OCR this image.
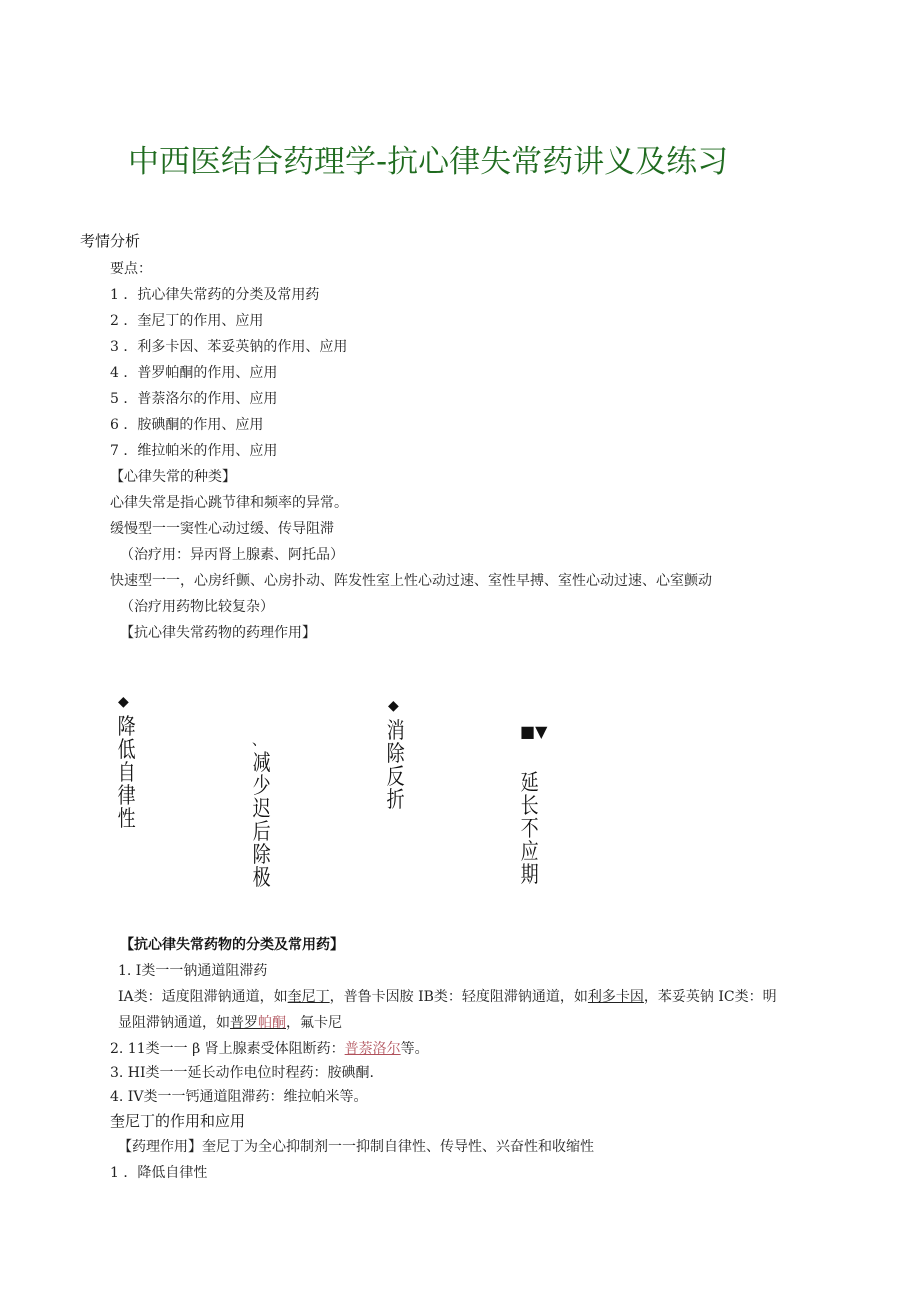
中西医结合药理学-抗心律失常药讲义及练习
考情分析
要点：
1 ．抗心律失常药的分类及常用药
2 ．奎尼丁的作用、应用
3 ．利多卡因、苯妥英钠的作用、应用
4 ．普罗帕酮的作用、应用
5 ．普萘洛尔的作用、应用
6 ．胺碘酮的作用、应用
7 ．维拉帕米的作用、应用
【心律失常的种类】
心律失常是指心跳节律和频率的异常。
缓慢型一一窦性心动过缓、传导阻滞
（治疗用：异丙肾上腺素、阿托品）
快速型一一，心房纤颤、心房扑动、阵发性室上性心动过速、室性早搏、室性心动过速、心室颤动
（治疗用药物比较复杂）
【抗心律失常药物的药理作用】
◆
降低自律性
、
减少迟后除极
◆
消除反折
■▼
延长不应期
【抗心律失常药物的分类及常用药】
1. I类一一钠通道阻滞药
IA类：适度阻滞钠通道，如奎尼丁，普鲁卡因胺 IB类：轻度阻滞钠通道，如利多卡因，苯妥英钠 IC类：明
显阻滞钠通道，如普罗帕酮，氟卡尼
2. 11类一一 β 肾上腺素受体阻断药：普萘洛尔等。
3. HI类一一延长动作电位时程药：胺碘酮.
4. IV类一一钙通道阻滞药：维拉帕米等。
奎尼丁的作用和应用
【药理作用】奎尼丁为全心抑制剂一一抑制自律性、传导性、兴奋性和收缩性
1 ．降低自律性
